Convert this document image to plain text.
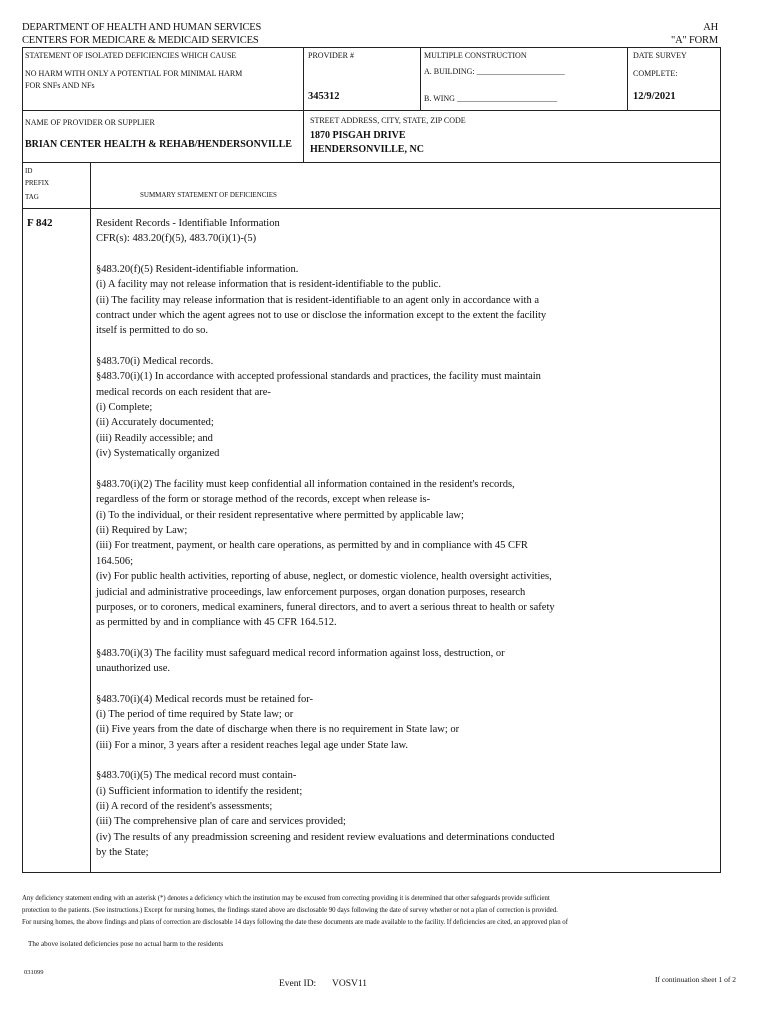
DEPARTMENT OF HEALTH AND HUMAN SERVICES
CENTERS FOR MEDICARE & MEDICAID SERVICES
AH
"A" FORM
STATEMENT OF ISOLATED DEFICIENCIES WHICH CAUSE
NO HARM WITH ONLY A POTENTIAL FOR MINIMAL HARM
FOR SNFs AND NFs
PROVIDER #
345312
MULTIPLE CONSTRUCTION
A. BUILDING: ______________________
B. WING _________________________
DATE SURVEY
COMPLETE:
12/9/2021
NAME OF PROVIDER OR SUPPLIER
BRIAN CENTER HEALTH & REHAB/HENDERSONVILLE
STREET ADDRESS, CITY, STATE, ZIP CODE
1870 PISGAH DRIVE
HENDERSONVILLE, NC
ID
PREFIX
TAG	SUMMARY STATEMENT OF DEFICIENCIES
F 842	Resident Records - Identifiable Information
CFR(s): 483.20(f)(5), 483.70(i)(1)-(5)
§483.20(f)(5) Resident-identifiable information.
(i) A facility may not release information that is resident-identifiable to the public.
(ii) The facility may release information that is resident-identifiable to an agent only in accordance with a
contract under which the agent agrees not to use or disclose the information except to the extent the facility
itself is permitted to do so.
§483.70(i) Medical records.
§483.70(i)(1) In accordance with accepted professional standards and practices, the facility must maintain
medical records on each resident that are-
(i) Complete;
(ii) Accurately documented;
(iii) Readily accessible; and
(iv) Systematically organized
§483.70(i)(2) The facility must keep confidential all information contained in the resident's records,
regardless of the form or storage method of the records, except when release is-
(i) To the individual, or their resident representative where permitted by applicable law;
(ii) Required by Law;
(iii) For treatment, payment, or health care operations, as permitted by and in compliance with 45 CFR
164.506;
(iv) For public health activities, reporting of abuse, neglect, or domestic violence, health oversight activities,
judicial and administrative proceedings, law enforcement purposes, organ donation purposes, research
purposes, or to coroners, medical examiners, funeral directors, and to avert a serious threat to health or safety
as permitted by and in compliance with 45 CFR 164.512.
§483.70(i)(3) The facility must safeguard medical record information against loss, destruction, or
unauthorized use.
§483.70(i)(4) Medical records must be retained for-
(i) The period of time required by State law; or
(ii) Five years from the date of discharge when there is no requirement in State law; or
(iii) For a minor, 3 years after a resident reaches legal age under State law.
§483.70(i)(5) The medical record must contain-
(i) Sufficient information to identify the resident;
(ii) A record of the resident's assessments;
(iii) The comprehensive plan of care and services provided;
(iv) The results of any preadmission screening and resident review evaluations and determinations conducted
by the State;
Any deficiency statement ending with an asterisk (*) denotes a deficiency which the institution may be excused from correcting providing it is determined that other safeguards provide sufficient
protection to the patients. (See instructions.) Except for nursing homes, the findings stated above are disclosable 90 days following the date of survey whether or not a plan of correction is provided.
For nursing homes, the above findings and plans of correction are disclosable 14 days following the date these documents are made available to the facility. If deficiencies are cited, an approved plan of
The above isolated deficiencies pose no actual harm to the residents
031099
Event ID: VOSV11	If continuation sheet 1 of 2
